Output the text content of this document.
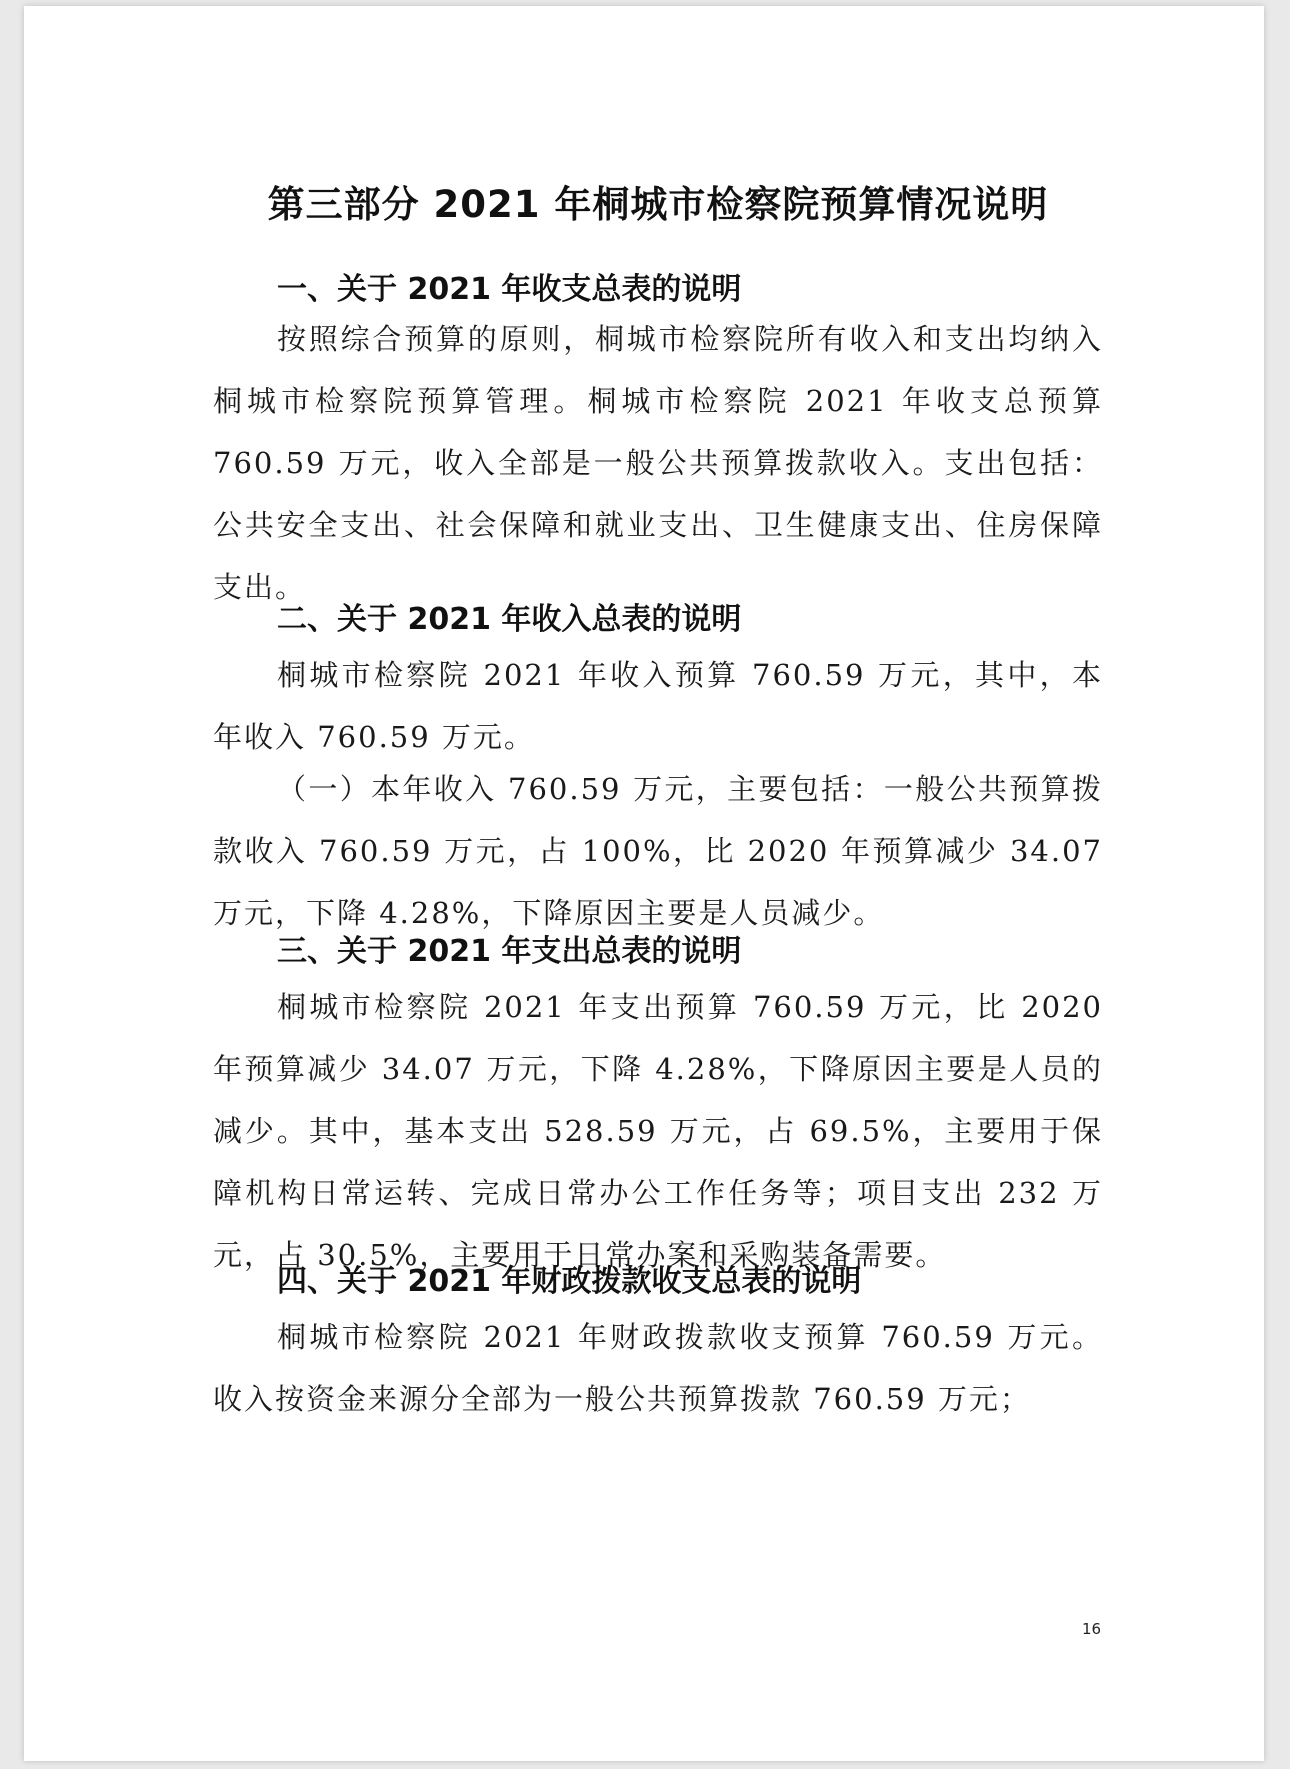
第三部分 2021 年桐城市检察院预算情况说明
一、关于 2021 年收支总表的说明

按照综合预算的原则，桐城市检察院所有收入和支出均纳入桐城市检察院预算管理。桐城市检察院 2021 年收支总预算 760.59 万元，收入全部是一般公共预算拨款收入。支出包括：公共安全支出、社会保障和就业支出、卫生健康支出、住房保障支出。

二、关于 2021 年收入总表的说明

桐城市检察院 2021 年收入预算 760.59 万元，其中，本年收入 760.59 万元。

（一）本年收入 760.59 万元，主要包括：一般公共预算拨款收入 760.59 万元，占 100%，比 2020 年预算减少 34.07 万元，下降 4.28%，下降原因主要是人员减少。

三、关于 2021 年支出总表的说明

桐城市检察院 2021 年支出预算 760.59 万元，比 2020 年预算减少 34.07 万元，下降 4.28%，下降原因主要是人员的减少。其中，基本支出 528.59 万元，占 69.5%，主要用于保障机构日常运转、完成日常办公工作任务等；项目支出 232 万元，占 30.5%，主要用于日常办案和采购装备需要。

四、关于 2021 年财政拨款收支总表的说明

桐城市检察院 2021 年财政拨款收支预算 760.59 万元。收入按资金来源分全部为一般公共预算拨款 760.59 万元；

16
